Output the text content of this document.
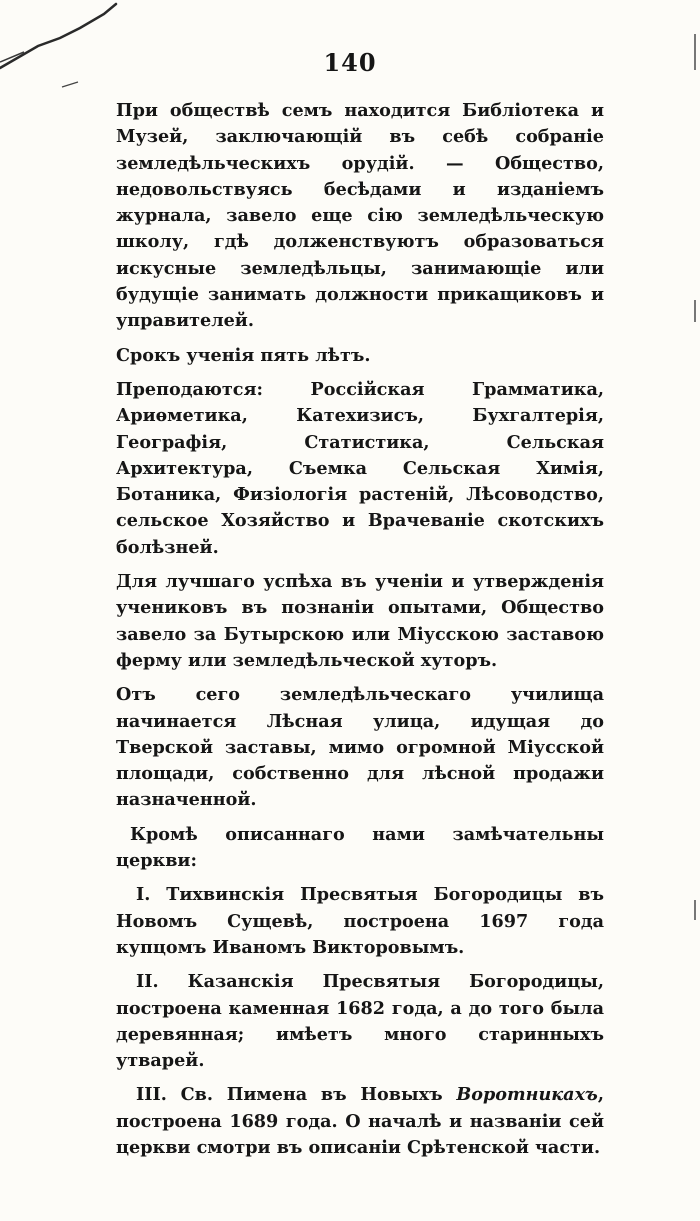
140

При обществѣ семъ находится Библіотека и Музей, заключающій въ себѣ собраніе земледѣльческихъ орудій. — Общество, недовольствуясь бесѣдами и изданіемъ журнала, завело еще сію земледѣльческую школу, гдѣ долженствуютъ образоваться искусные земледѣльцы, занимающіе или будущіе занимать должности прикащиковъ и управителей.

Срокъ ученія пять лѣтъ.

Преподаются: Россійская Грамматика, Ариѳметика, Катехизисъ, Бухгалтерія, Географія, Статистика, Сельская Архитектура, Съемка Сельская Химія, Ботаника, Физіологія растеній, Лѣсоводство, сельское Хозяйство и Врачеваніе скотскихъ болѣзней.

Для лучшаго успѣха въ ученіи и утвержденія учениковъ въ познаніи опытами, Общество завело за Бутырскою или Міусскою заставою ферму или земледѣльческой хуторъ.

Отъ сего земледѣльческаго училища начинается Лѣсная улица, идущая до Тверской заставы, мимо огромной Міусской площади, собственно для лѣсной продажи назначенной.

Кромѣ описаннаго нами замѣчательны церкви:

I. Тихвинскія Пресвятыя Богородицы въ Новомъ Сущевѣ, построена 1697 года купцомъ Иваномъ Викторовымъ.

II. Казанскія Пресвятыя Богородицы, построена каменная 1682 года, а до того была деревянная; имѣетъ много старинныхъ утварей.

III. Св. Пимена въ Новыхъ Воротникахъ, построена 1689 года. О началѣ и названіи сей церкви смотри въ описаніи Срѣтенской части.
